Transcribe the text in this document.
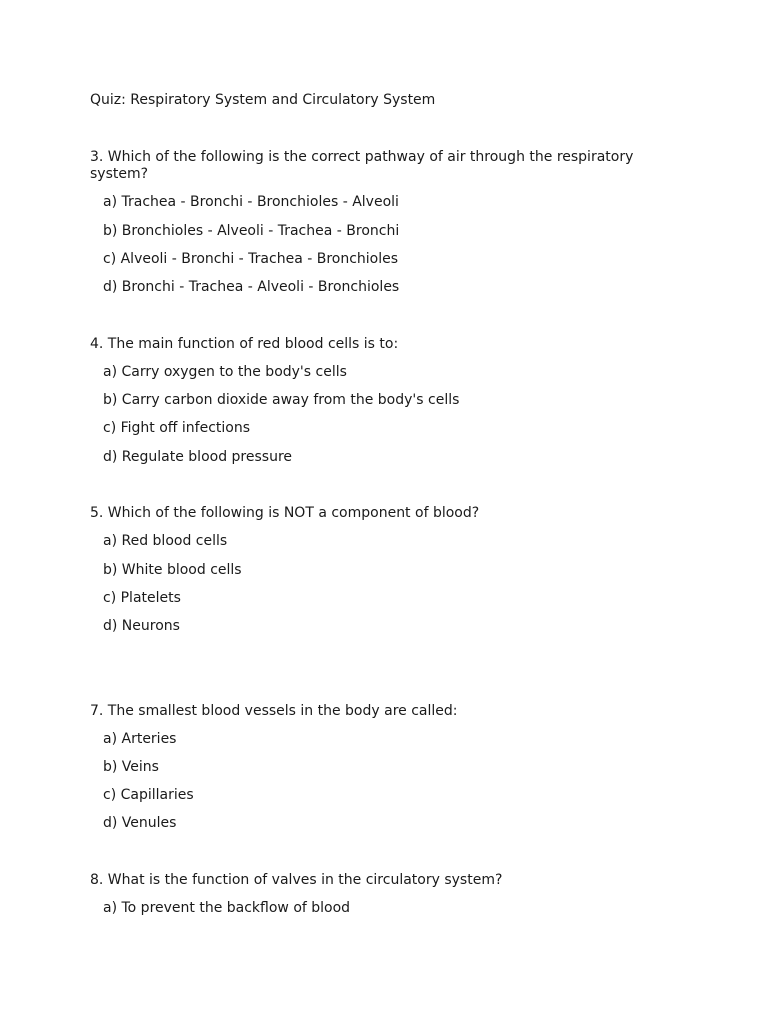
Quiz: Respiratory System and Circulatory System
3. Which of the following is the correct pathway of air through the respiratory system?
a) Trachea - Bronchi - Bronchioles - Alveoli
b) Bronchioles - Alveoli - Trachea - Bronchi
c) Alveoli - Bronchi - Trachea - Bronchioles
d) Bronchi - Trachea - Alveoli - Bronchioles
4. The main function of red blood cells is to:
a) Carry oxygen to the body's cells
b) Carry carbon dioxide away from the body's cells
c) Fight off infections
d) Regulate blood pressure
5. Which of the following is NOT a component of blood?
a) Red blood cells
b) White blood cells
c) Platelets
d) Neurons
7. The smallest blood vessels in the body are called:
a) Arteries
b) Veins
c) Capillaries
d) Venules
8. What is the function of valves in the circulatory system?
a) To prevent the backflow of blood
